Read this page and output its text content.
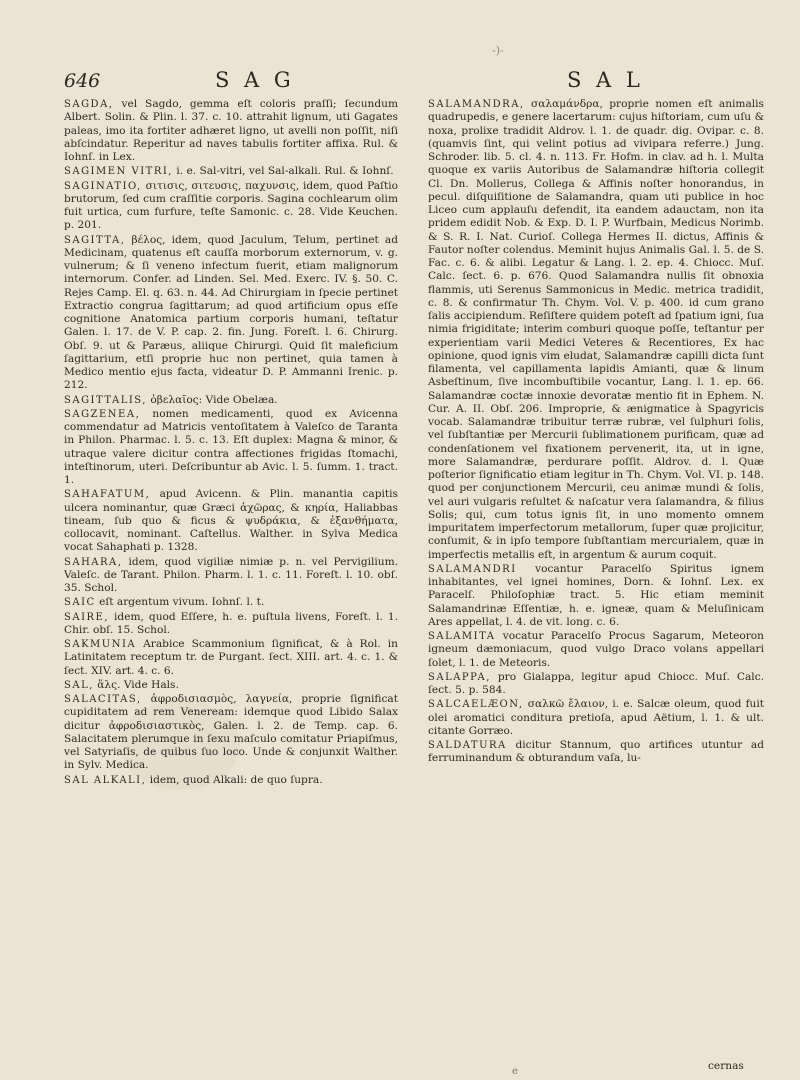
-)-
646	S A G	S A L

SAGDA, vel Sagdo, gemma eſt coloris praſſi; ſecundum Albert. Solin. & Plin. l. 37. c. 10. attrahit lignum, uti Gagates paleas, imo ita fortiter adhæret ligno, ut avelli non poſſit, niſi abſcindatur. Reperitur ad naves tabulis fortiter affixa. Rul. & Iohnſ. in Lex.

SAGIMEN VITRI, i. e. Sal-vitri, vel Sal-alkali. Rul. & Iohnſ.

SAGINATIO, σιτισις, σιτευσις, παχυνσις, idem, quod Paſtio brutorum, ſed cum craſſitie corporis. Sagina cochlearum olim fuit urtica, cum furfure, teſte Samonic. c. 28. Vide Keuchen. p. 201.

SAGITTA, βέλος, idem, quod Jaculum, Telum, pertinet ad Medicinam, quatenus eſt cauſſa morborum externorum, v. g. vulnerum; & ſi veneno infectum fuerit, etiam malignorum internorum. Confer. ad Linden. Sel. Med. Exerc. IV. §. 50. C. Rejes Camp. El. q. 63. n. 44. Ad Chirurgiam in ſpecie pertinet Extractio congrua ſagittarum; ad quod artificium opus eſſe cognitione Anatomica partium corporis humani, teſtatur Galen. l. 17. de V. P. cap. 2. fin. Jung. Foreſt. l. 6. Chirurg. Obſ. 9. ut & Paræus, aliique Chirurgi. Quid ſit maleficium ſagittarium, etſi proprie huc non pertinet, quia tamen à Medico mentio ejus facta, videatur D. P. Ammanni Irenic. p. 212.

SAGITTALIS, ὀβελαῖος: Vide Obelæa.

SAGZENEA, nomen medicamenti, quod ex Avicenna commendatur ad Matricis ventoſitatem à Valeſco de Taranta in Philon. Pharmac. l. 5. c. 13. Eſt duplex: Magna & minor, & utraque valere dicitur contra affectiones frigidas ſtomachi, inteſtinorum, uteri. Deſcribuntur ab Avic. l. 5. ſumm. 1. tract. 1.

SAHAFATUM, apud Avicenn. & Plin. manantia capitis ulcera nominantur, quæ Græci ἀχῶρας, & κηρία, Haliabbas tineam, ſub quo & ficus & ψυδράκια, & ἐξανθήματα, collocavit, nominant. Caſtellus. Walther. in Sylva Medica vocat Sahaphati p. 1328.

SAHARA, idem, quod vigiliæ nimiæ p. n. vel Pervigilium. Valeſc. de Tarant. Philon. Pharm. l. 1. c. 11. Foreſt. l. 10. obſ. 35. Schol.

SAIC eſt argentum vivum. Iohnſ. l. t.

SAIRE, idem, quod Eſſere, h. e. puſtula livens, Foreſt. l. 1. Chir. obſ. 15. Schol.

SAKMUNIA Arabice Scammonium ſignificat, & à Rol. in Latinitatem receptum tr. de Purgant. ſect. XIII. art. 4. c. 1. & ſect. XIV. art. 4. c. 6.

SAL, ἅλς. Vide Hals.

SALACITAS, ἀφροδισιασμὸς, λαγνεία, proprie ſignificat cupiditatem ad rem Veneream: idemque quod Libido Salax dicitur ἀφροδισιαστικὸς, Galen. l. 2. de Temp. cap. 6. Salacitatem plerumque in ſexu maſculo comitatur Priapiſmus, vel Satyriaſis, de quibus ſuo loco. Unde & conjunxit Walther. in Sylv. Medica.

SAL ALKALI, idem, quod Alkali: de quo ſupra.

SALAMANDRA, σαλαμάνδρα, proprie nomen eſt animalis quadrupedis, e genere lacertarum: cujus hiſtoriam, cum uſu & noxa, prolixe tradidit Aldrov. l. 1. de quadr. dig. Ovipar. c. 8. (quamvis ſint, qui velint potius ad vivipara referre.) Jung. Schroder. lib. 5. cl. 4. n. 113. Fr. Hofm. in clav. ad h. l. Multa quoque ex variis Autoribus de Salamandræ hiſtoria collegit Cl. Dn. Mollerus, Collega & Affinis noſter honorandus, in pecul. diſquiſitione de Salamandra, quam uti publice in hoc Liceo cum applauſu defendit, ita eandem adauctam, non ita pridem edidit Nob. & Exp. D. I. P. Wurfbain, Medicus Norimb. & S. R. I. Nat. Curioſ. Collega Hermes II. dictus, Affinis & Fautor noſter colendus. Meminit hujus Animalis Gal. l. 5. de S. Fac. c. 6. & alibi. Legatur & Lang. l. 2. ep. 4. Chiocc. Muſ. Calc. ſect. 6. p. 676. Quod Salamandra nullis ſit obnoxia flammis, uti Serenus Sammonicus in Medic. metrica tradidit, c. 8. & confirmatur Th. Chym. Vol. V. p. 400. id cum grano ſalis accipiendum. Reſiſtere quidem poteſt ad ſpatium igni, ſua nimia frigiditate; interim comburi quoque poſſe, teſtantur per experientiam varii Medici Veteres & Recentiores, Ex hac opinione, quod ignis vim eludat, Salamandræ capilli dicta ſunt filamenta, vel capillamenta lapidis Amianti, quæ & linum Asbeſtinum, ſive incombuſtibile vocantur, Lang. l. 1. ep. 66. Salamandræ coctæ innoxie devoratæ mentio fit in Ephem. N. Cur. A. II. Obſ. 206. Improprie, & ænigmatice à Spagyricis vocab. Salamandræ tribuitur terræ rubræ, vel ſulphuri ſolis, vel ſubſtantiæ per Mercurii ſublimationem purificam, quæ ad condenſationem vel fixationem pervenerit, ita, ut in igne, more Salamandræ, perdurare poſſit. Aldrov. d. l. Quæ poſterior ſignificatio etiam legitur in Th. Chym. Vol. VI. p. 148. quod per conjunctionem Mercurii, ceu animæ mundi & ſolis, vel auri vulgaris reſultet & naſcatur vera ſalamandra, & filius Solis; qui, cum totus ignis ſit, in uno momento omnem impuritatem imperfectorum metallorum, ſuper quæ projicitur, conſumit, & in ipſo tempore ſubſtantiam mercurialem, quæ in imperfectis metallis eſt, in argentum & aurum coquit.

SALAMANDRI vocantur Paracelſo Spiritus ignem inhabitantes, vel ignei homines, Dorn. & Iohnſ. Lex. ex Paracelſ. Philoſophiæ tract. 5. Hic etiam meminit Salamandrinæ Eſſentiæ, h. e. igneæ, quam & Meluſinicam Ares appellat, l. 4. de vit. long. c. 6.

SALAMITA vocatur Paracelſo Procus Sagarum, Meteoron igneum dæmoniacum, quod vulgo Draco volans appellari ſolet, l. 1. de Meteoris.

SALAPPA, pro Gialappa, legitur apud Chiocc. Muſ. Calc. ſect. 5. p. 584.

SALCAELÆON, σαλκῶ ἔλαιον, i. e. Salcæ oleum, quod fuit olei aromatici conditura pretioſa, apud Aëtium, l. 1. & ult. citante Gorræo.

SALDATURA dicitur Stannum, quo artifices utuntur ad ferruminandum & obturandum vaſa, lu-

cernas
e
